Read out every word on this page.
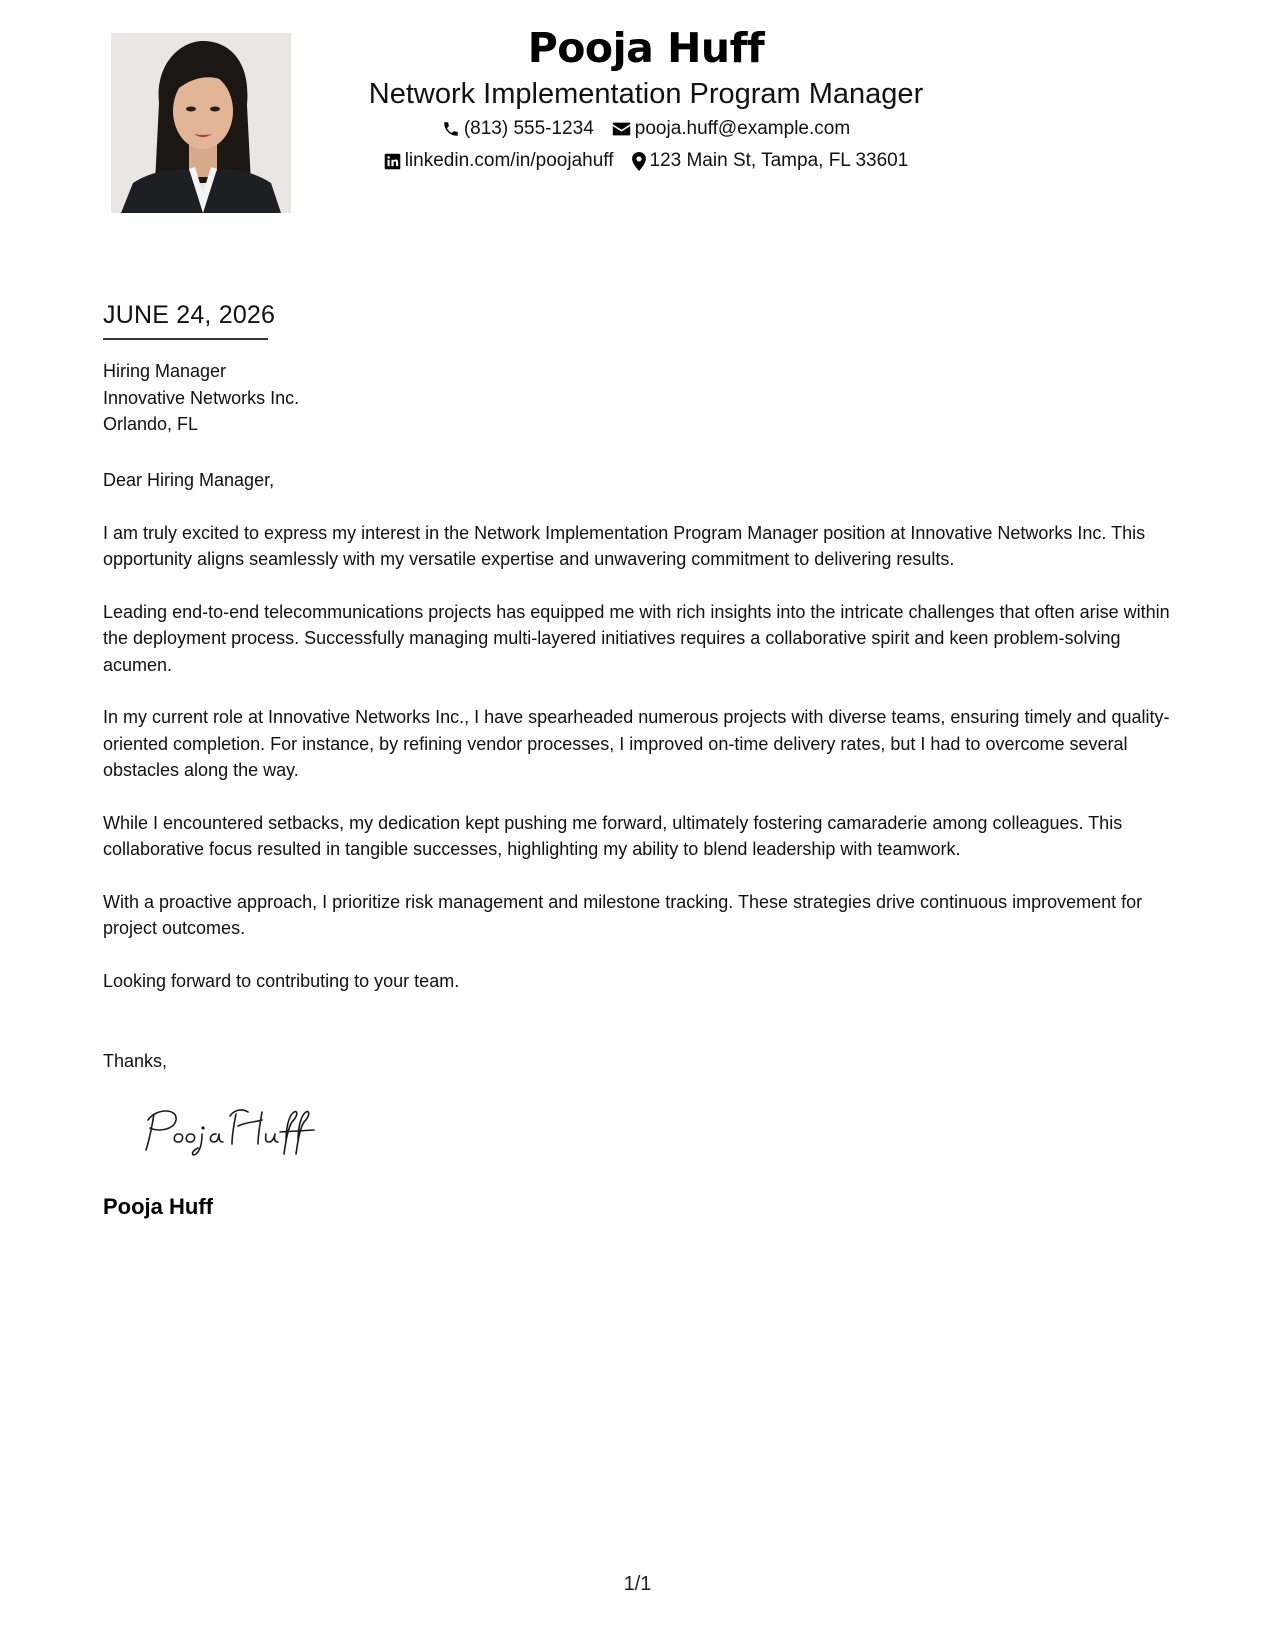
Pooja Huff
Network Implementation Program Manager
(813) 555-1234 pooja.huff@example.com
linkedin.com/in/poojahuff 123 Main St, Tampa, FL 33601
JUNE 24, 2026
Hiring Manager
Innovative Networks Inc.
Orlando, FL
Dear Hiring Manager,

I am truly excited to express my interest in the Network Implementation Program Manager position at Innovative Networks Inc. This opportunity aligns seamlessly with my versatile expertise and unwavering commitment to delivering results.

Leading end-to-end telecommunications projects has equipped me with rich insights into the intricate challenges that often arise within the deployment process. Successfully managing multi-layered initiatives requires a collaborative spirit and keen problem-solving acumen.

In my current role at Innovative Networks Inc., I have spearheaded numerous projects with diverse teams, ensuring timely and quality-oriented completion. For instance, by refining vendor processes, I improved on-time delivery rates, but I had to overcome several obstacles along the way.

While I encountered setbacks, my dedication kept pushing me forward, ultimately fostering camaraderie among colleagues. This collaborative focus resulted in tangible successes, highlighting my ability to blend leadership with teamwork.

With a proactive approach, I prioritize risk management and milestone tracking. These strategies drive continuous improvement for project outcomes.

Looking forward to contributing to your team.

Thanks,
Pooja Huff
1/1
